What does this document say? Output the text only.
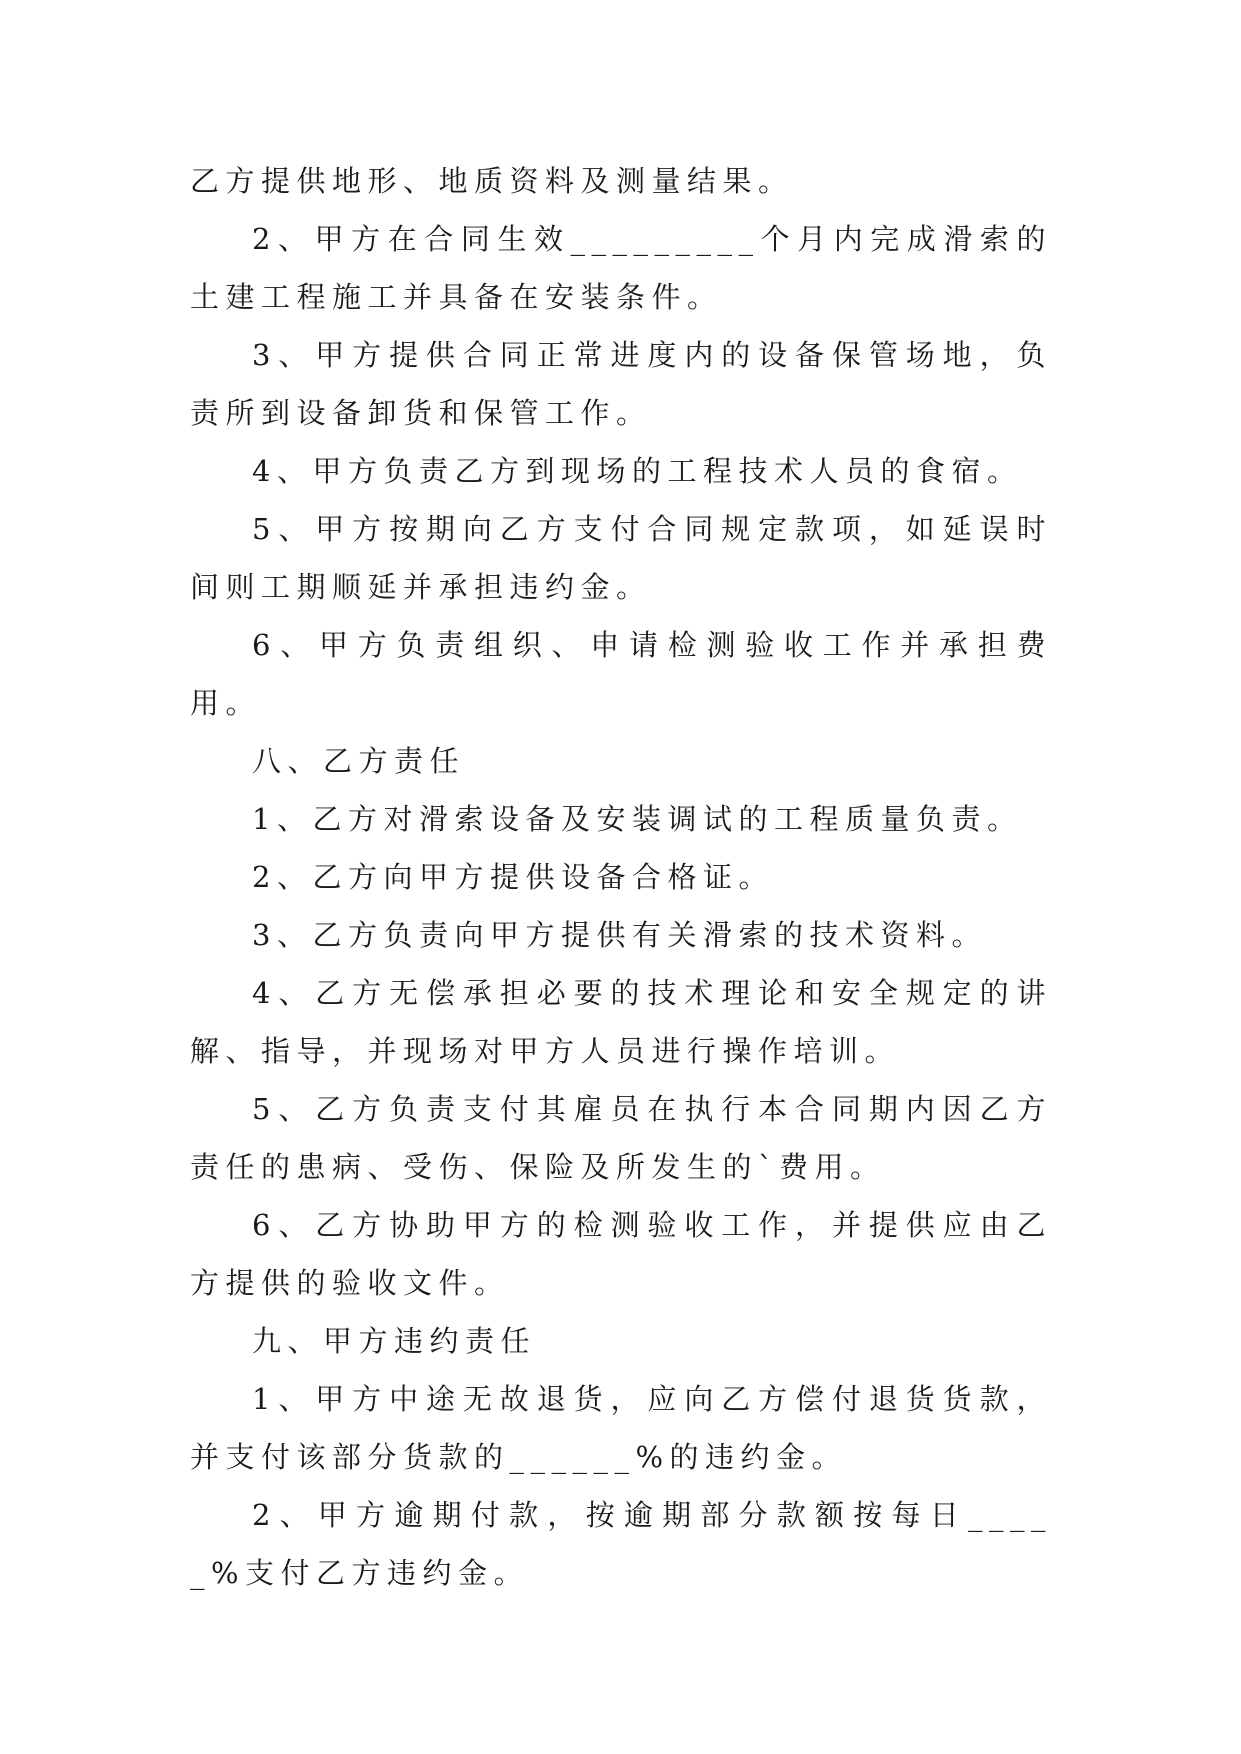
乙方提供地形、地质资料及测量结果。

2、甲方在合同生效_________个月内完成滑索的土建工程施工并具备在安装条件。

3、甲方提供合同正常进度内的设备保管场地，负责所到设备卸货和保管工作。

4、甲方负责乙方到现场的工程技术人员的食宿。

5、甲方按期向乙方支付合同规定款项，如延误时间则工期顺延并承担违约金。

6、甲方负责组织、申请检测验收工作并承担费用。

八、乙方责任

1、乙方对滑索设备及安装调试的工程质量负责。

2、乙方向甲方提供设备合格证。

3、乙方负责向甲方提供有关滑索的技术资料。

4、乙方无偿承担必要的技术理论和安全规定的讲解、指导，并现场对甲方人员进行操作培训。

5、乙方负责支付其雇员在执行本合同期内因乙方责任的患病、受伤、保险及所发生的`费用。

6、乙方协助甲方的检测验收工作，并提供应由乙方提供的验收文件。

九、甲方违约责任

1、甲方中途无故退货，应向乙方偿付退货货款，并支付该部分货款的______%的违约金。

2、甲方逾期付款，按逾期部分款额按每日_____%支付乙方违约金。
